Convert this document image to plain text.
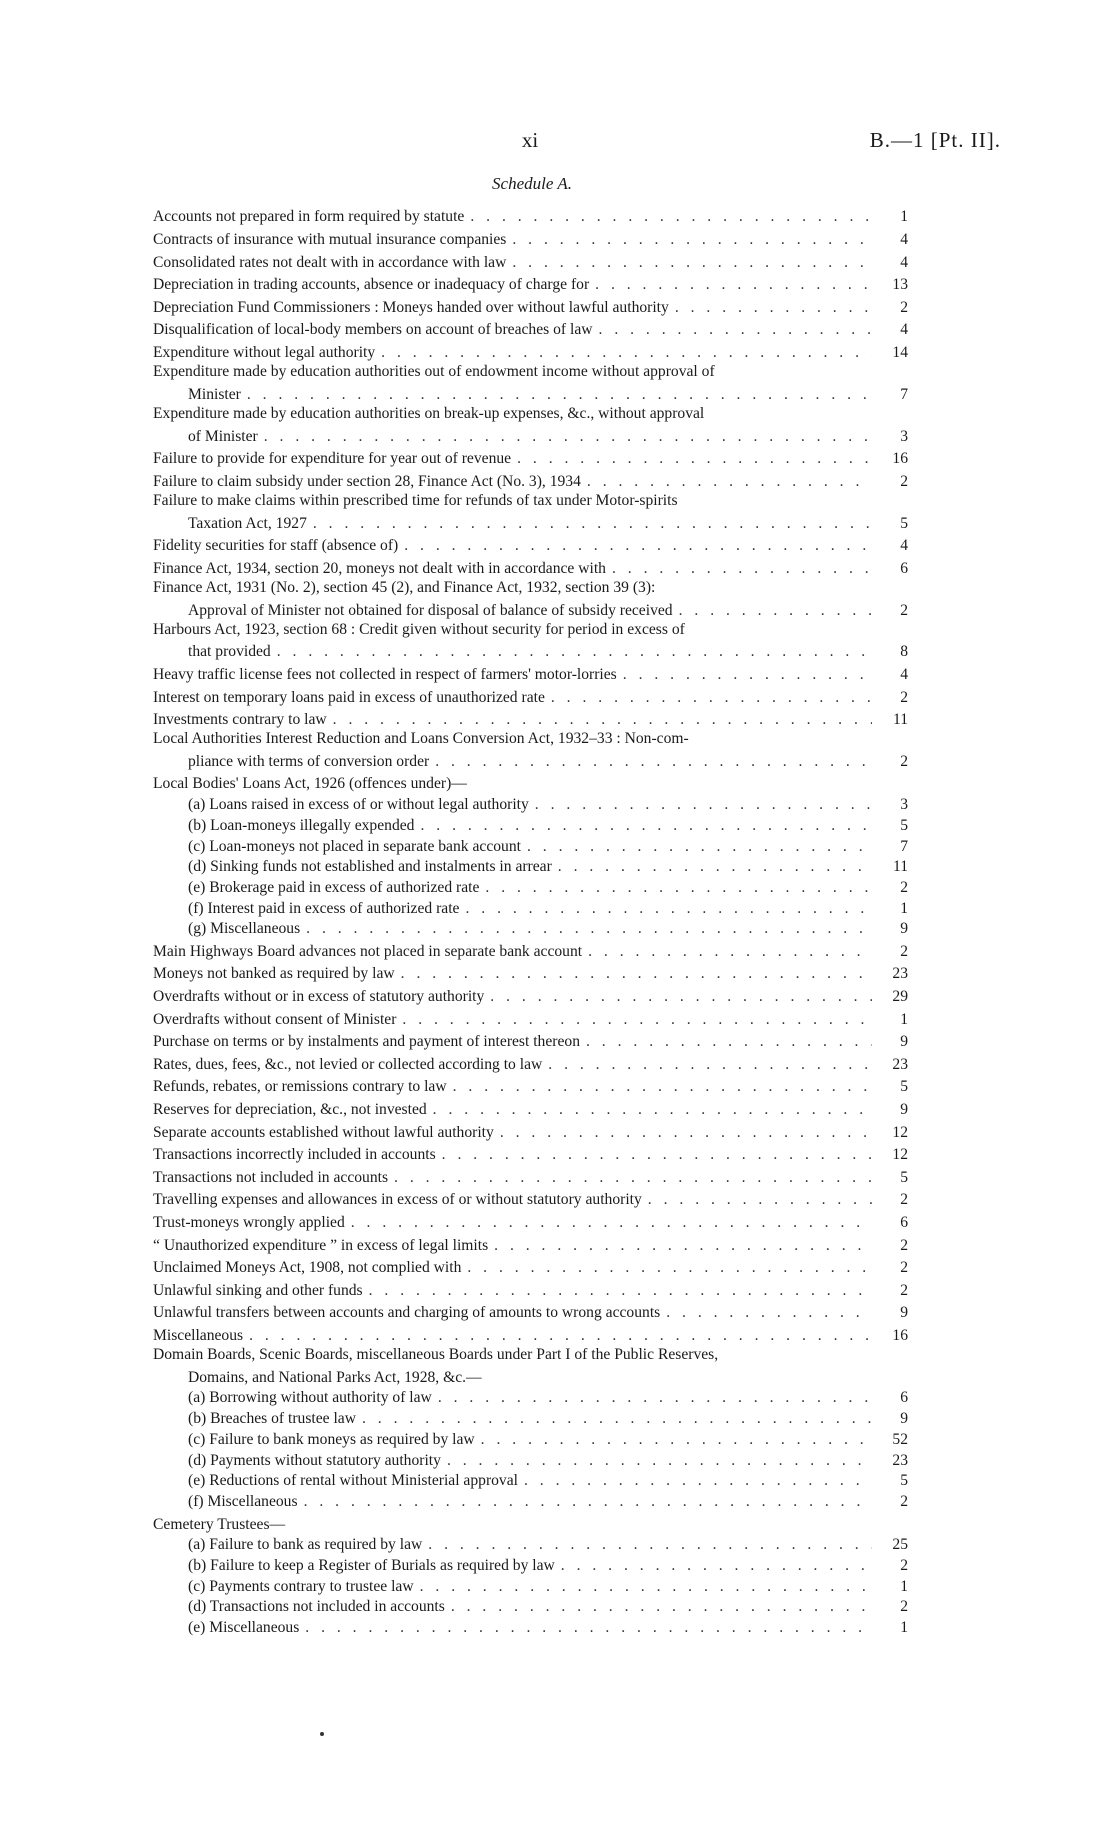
xi	B.—1 [Pt. II].
Schedule A.
Accounts not prepared in form required by statute . . .	1
Contracts of insurance with mutual insurance companies . . .	4
Consolidated rates not dealt with in accordance with law . . .	4
Depreciation in trading accounts, absence or inadequacy of charge for . . .	13
Depreciation Fund Commissioners : Moneys handed over without lawful authority . . .	2
Disqualification of local-body members on account of breaches of law . . .	4
Expenditure without legal authority . . .	14
Expenditure made by education authorities out of endowment income without approval of
Minister . . .	7
Expenditure made by education authorities on break-up expenses, &c., without approval
of Minister . . .	3
Failure to provide for expenditure for year out of revenue . . .	16
Failure to claim subsidy under section 28, Finance Act (No. 3), 1934 . . .	2
Failure to make claims within prescribed time for refunds of tax under Motor-spirits
Taxation Act, 1927 . . .	5
Fidelity securities for staff (absence of) . . .	4
Finance Act, 1934, section 20, moneys not dealt with in accordance with . . .	6
Finance Act, 1931 (No. 2), section 45 (2), and Finance Act, 1932, section 39 (3):
Approval of Minister not obtained for disposal of balance of subsidy received . . .	2
Harbours Act, 1923, section 68 : Credit given without security for period in excess of
that provided . . .	8
Heavy traffic license fees not collected in respect of farmers' motor-lorries . . .	4
Interest on temporary loans paid in excess of unauthorized rate . . .	2
Investments contrary to law . . .	11
Local Authorities Interest Reduction and Loans Conversion Act, 1932–33 : Non-com-
pliance with terms of conversion order . . .	2
Local Bodies' Loans Act, 1926 (offences under)—
(a) Loans raised in excess of or without legal authority . . .	3
(b) Loan-moneys illegally expended . . .	5
(c) Loan-moneys not placed in separate bank account . . .	7
(d) Sinking funds not established and instalments in arrear . . .	11
(e) Brokerage paid in excess of authorized rate . . .	2
(f) Interest paid in excess of authorized rate . . .	1
(g) Miscellaneous . . .	9
Main Highways Board advances not placed in separate bank account . . .	2
Moneys not banked as required by law . . .	23
Overdrafts without or in excess of statutory authority . . .	29
Overdrafts without consent of Minister . . .	1
Purchase on terms or by instalments and payment of interest thereon . . .	9
Rates, dues, fees, &c., not levied or collected according to law . . .	23
Refunds, rebates, or remissions contrary to law . . .	5
Reserves for depreciation, &c., not invested . . .	9
Separate accounts established without lawful authority . . .	12
Transactions incorrectly included in accounts . . .	12
Transactions not included in accounts . . .	5
Travelling expenses and allowances in excess of or without statutory authority . . .	2
Trust-moneys wrongly applied . . .	6
“ Unauthorized expenditure ” in excess of legal limits . . .	2
Unclaimed Moneys Act, 1908, not complied with . . .	2
Unlawful sinking and other funds . . .	2
Unlawful transfers between accounts and charging of amounts to wrong accounts . . .	9
Miscellaneous . . .	16
Domain Boards, Scenic Boards, miscellaneous Boards under Part I of the Public Reserves,
Domains, and National Parks Act, 1928, &c.—
(a) Borrowing without authority of law . . .	6
(b) Breaches of trustee law . . .	9
(c) Failure to bank moneys as required by law . . .	52
(d) Payments without statutory authority . . .	23
(e) Reductions of rental without Ministerial approval . . .	5
(f) Miscellaneous . . .	2
Cemetery Trustees—
(a) Failure to bank as required by law . . .	25
(b) Failure to keep a Register of Burials as required by law . . .	2
(c) Payments contrary to trustee law . . .	1
(d) Transactions not included in accounts . . .	2
(e) Miscellaneous . . .	1
